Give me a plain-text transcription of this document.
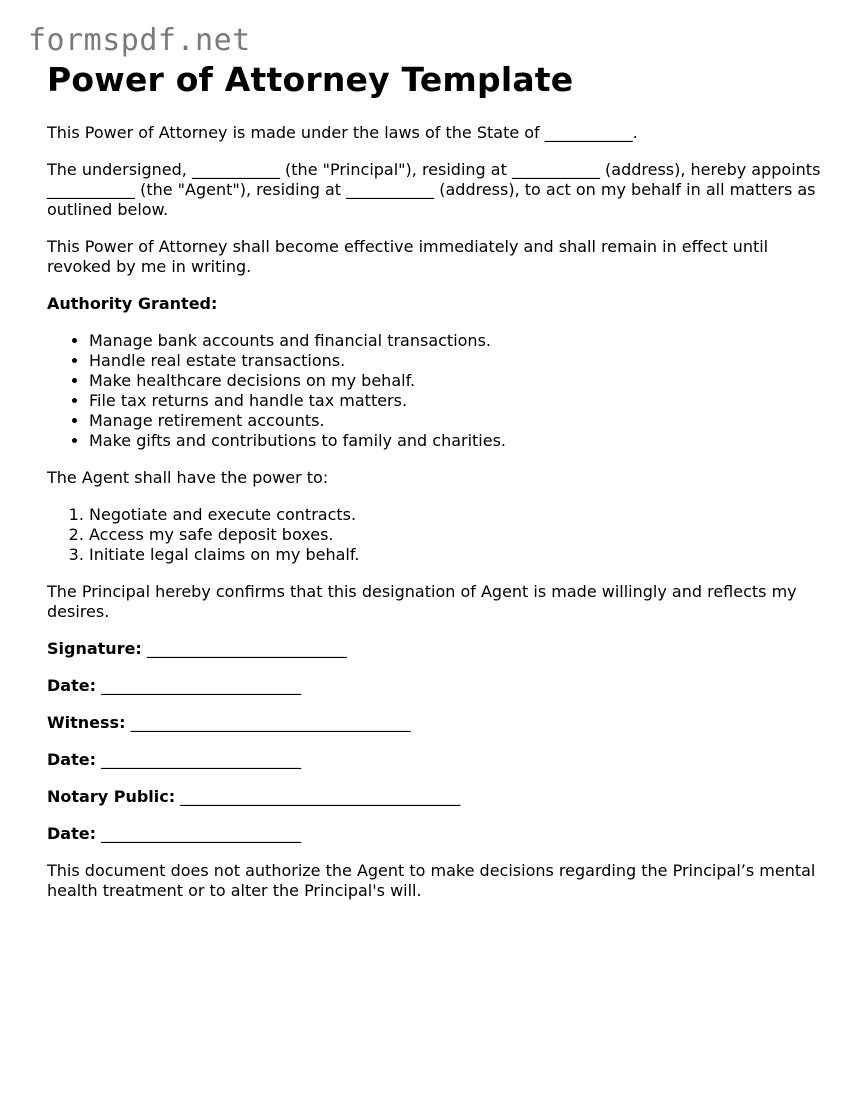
formspdf.net
Power of Attorney Template

This Power of Attorney is made under the laws of the State of ___________.

The undersigned, ___________ (the "Principal"), residing at ___________ (address), hereby appoints ___________ (the "Agent"), residing at ___________ (address), to act on my behalf in all matters as outlined below.

This Power of Attorney shall become effective immediately and shall remain in effect until revoked by me in writing.

Authority Granted:

• Manage bank accounts and financial transactions.
• Handle real estate transactions.
• Make healthcare decisions on my behalf.
• File tax returns and handle tax matters.
• Manage retirement accounts.
• Make gifts and contributions to family and charities.

The Agent shall have the power to:

1. Negotiate and execute contracts.
2. Access my safe deposit boxes.
3. Initiate legal claims on my behalf.

The Principal hereby confirms that this designation of Agent is made willingly and reflects my desires.

Signature: _________________________

Date: _________________________

Witness: ___________________________________

Date: _________________________

Notary Public: ___________________________________

Date: _________________________

This document does not authorize the Agent to make decisions regarding the Principal’s mental health treatment or to alter the Principal's will.
